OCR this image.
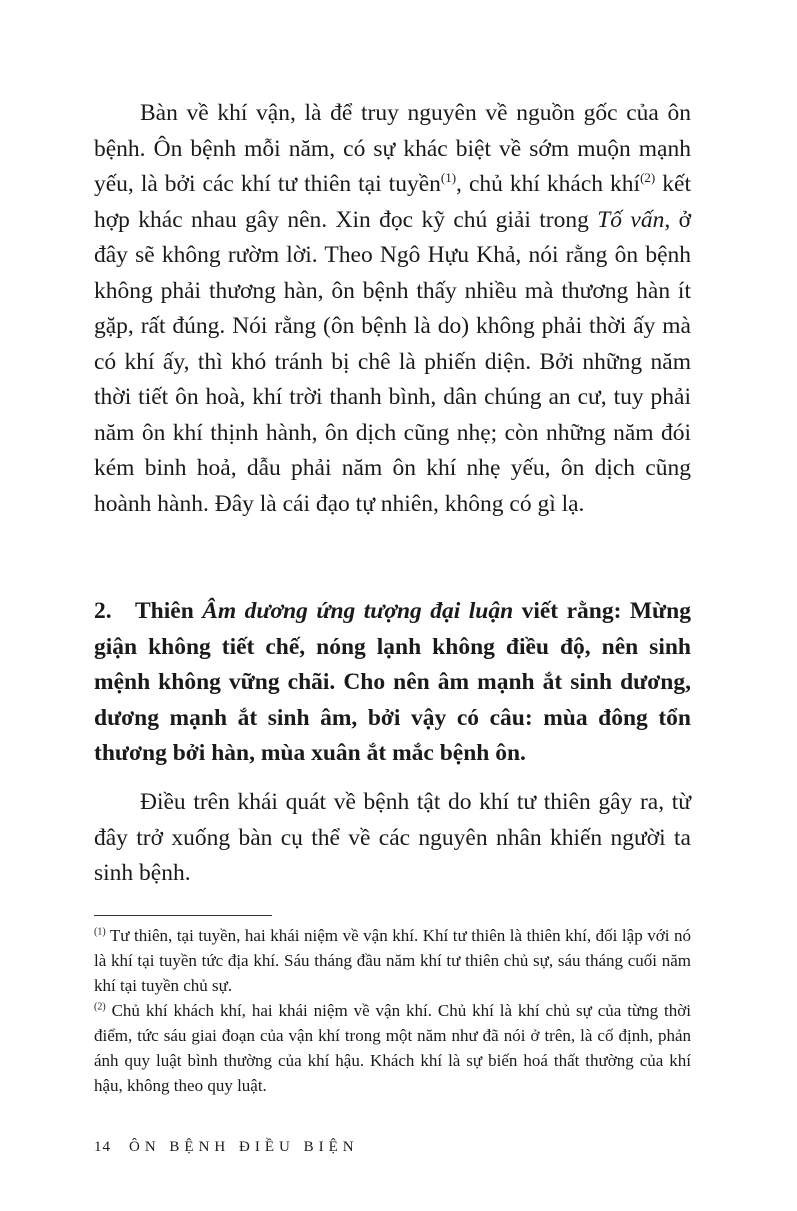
Bàn về khí vận, là để truy nguyên về nguồn gốc của ôn bệnh. Ôn bệnh mỗi năm, có sự khác biệt về sớm muộn mạnh yếu, là bởi các khí tư thiên tại tuyền$^{(1)}$, chủ khí khách khí$^{(2)}$ kết hợp khác nhau gây nên. Xin đọc kỹ chú giải trong Tố vấn, ở đây sẽ không rườm lời. Theo Ngô Hựu Khả, nói rằng ôn bệnh không phải thương hàn, ôn bệnh thấy nhiều mà thương hàn ít gặp, rất đúng. Nói rằng (ôn bệnh là do) không phải thời ấy mà có khí ấy, thì khó tránh bị chê là phiến diện. Bởi những năm thời tiết ôn hoà, khí trời thanh bình, dân chúng an cư, tuy phải năm ôn khí thịnh hành, ôn dịch cũng nhẹ; còn những năm đói kém binh hoả, dẫu phải năm ôn khí nhẹ yếu, ôn dịch cũng hoành hành. Đây là cái đạo tự nhiên, không có gì lạ.

2. Thiên Âm dương ứng tượng đại luận viết rằng: Mừng giận không tiết chế, nóng lạnh không điều độ, nên sinh mệnh không vững chãi. Cho nên âm mạnh ắt sinh dương, dương mạnh ắt sinh âm, bởi vậy có câu: mùa đông tổn thương bởi hàn, mùa xuân ắt mắc bệnh ôn.

Điều trên khái quát về bệnh tật do khí tư thiên gây ra, từ đây trở xuống bàn cụ thể về các nguyên nhân khiến người ta sinh bệnh.

$^{(1)}$ Tư thiên, tại tuyền, hai khái niệm về vận khí. Khí tư thiên là thiên khí, đối lập với nó là khí tại tuyền tức địa khí. Sáu tháng đầu năm khí tư thiên chủ sự, sáu tháng cuối năm khí tại tuyền chủ sự.

$^{(2)}$ Chủ khí khách khí, hai khái niệm về vận khí. Chủ khí là khí chủ sự của từng thời điểm, tức sáu giai đoạn của vận khí trong một năm như đã nói ở trên, là cố định, phản ánh quy luật bình thường của khí hậu. Khách khí là sự biến hoá thất thường của khí hậu, không theo quy luật.

14 ÔN BỆNH ĐIỀU BIỆN
